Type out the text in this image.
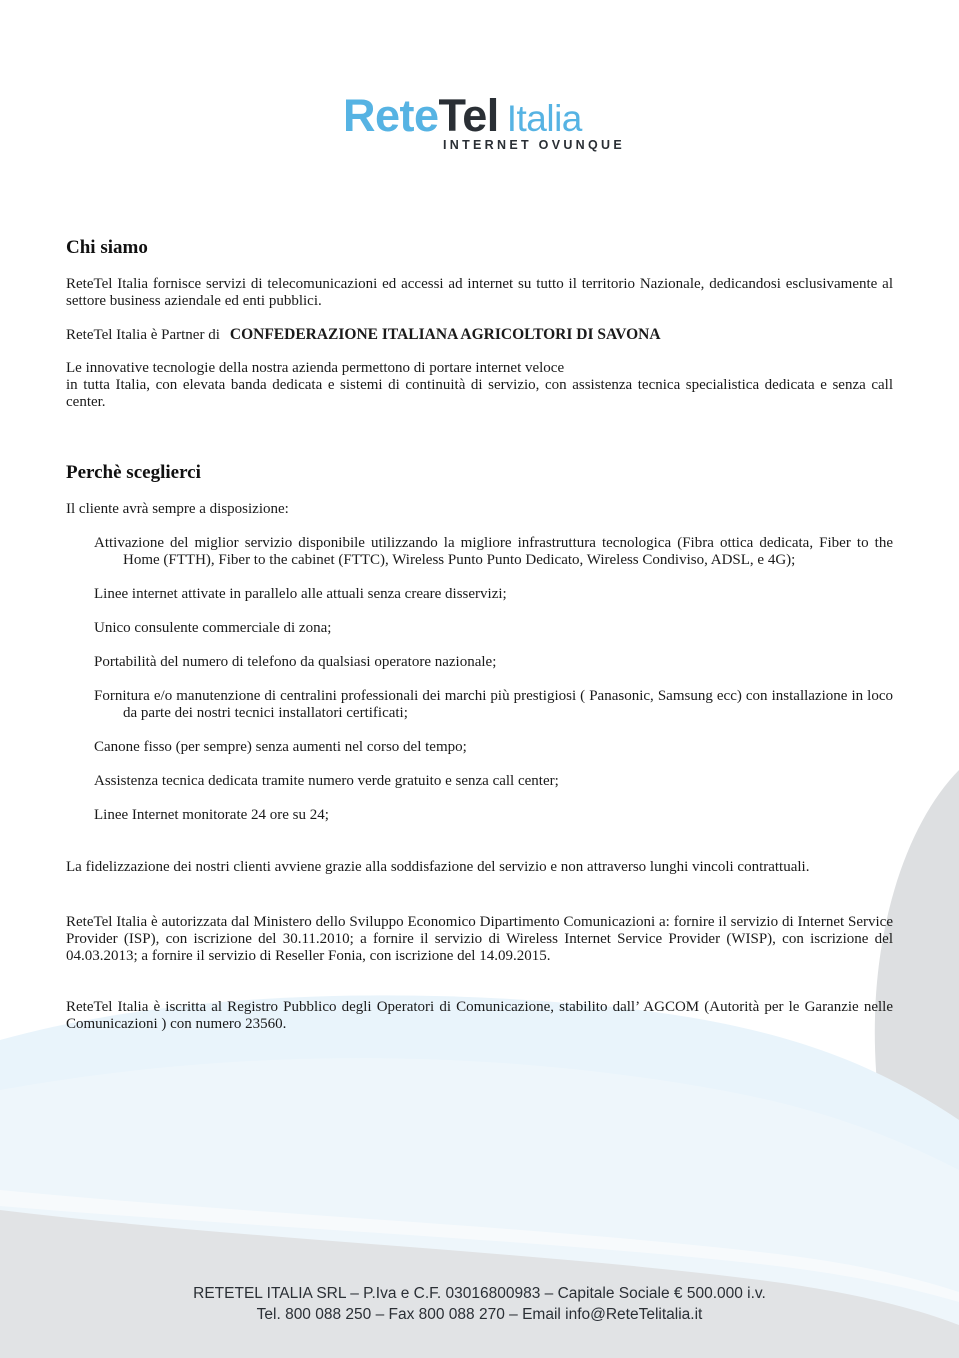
ReteTel Italia
INTERNET OVUNQUE
Chi siamo

ReteTel Italia fornisce servizi di telecomunicazioni ed accessi ad internet su tutto il territorio Nazionale, dedicandosi esclusivamente al settore business aziendale ed enti pubblici.

ReteTel Italia è Partner di CONFEDERAZIONE ITALIANA AGRICOLTORI DI SAVONA

Le innovative tecnologie della nostra azienda permettono di portare internet veloce

in tutta Italia, con elevata banda dedicata e sistemi di continuità di servizio, con assistenza tecnica specialistica dedicata e senza call center.

Perchè sceglierci

Il cliente avrà sempre a disposizione:

Attivazione del miglior servizio disponibile utilizzando la migliore infrastruttura tecnologica (Fibra ottica dedicata, Fiber to the Home (FTTH), Fiber to the cabinet (FTTC), Wireless Punto Punto Dedicato, Wireless Condiviso, ADSL, e 4G);
Linee internet attivate in parallelo alle attuali senza creare disservizi;
Unico consulente commerciale di zona;
Portabilità del numero di telefono da qualsiasi operatore nazionale;
Fornitura e/o manutenzione di centralini professionali dei marchi più prestigiosi ( Panasonic, Samsung ecc) con installazione in loco da parte dei nostri tecnici installatori certificati;
Canone fisso (per sempre) senza aumenti nel corso del tempo;
Assistenza tecnica dedicata tramite numero verde gratuito e senza call center;
Linee Internet monitorate 24 ore su 24;

La fidelizzazione dei nostri clienti avviene grazie alla soddisfazione del servizio e non attraverso lunghi vincoli contrattuali.

ReteTel Italia è autorizzata dal Ministero dello Sviluppo Economico Dipartimento Comunicazioni a: fornire il servizio di Internet Service Provider (ISP), con iscrizione del 30.11.2010; a fornire il servizio di Wireless Internet Service Provider (WISP), con iscrizione del 04.03.2013; a fornire il servizio di Reseller Fonia, con iscrizione del 14.09.2015.

ReteTel Italia è iscritta al Registro Pubblico degli Operatori di Comunicazione, stabilito dall’ AGCOM (Autorità per le Garanzie nelle Comunicazioni ) con numero 23560.

RETETEL ITALIA SRL – P.Iva e C.F. 03016800983 – Capitale Sociale € 500.000 i.v.
Tel. 800 088 250 – Fax 800 088 270 – Email info@ReteTelitalia.it
